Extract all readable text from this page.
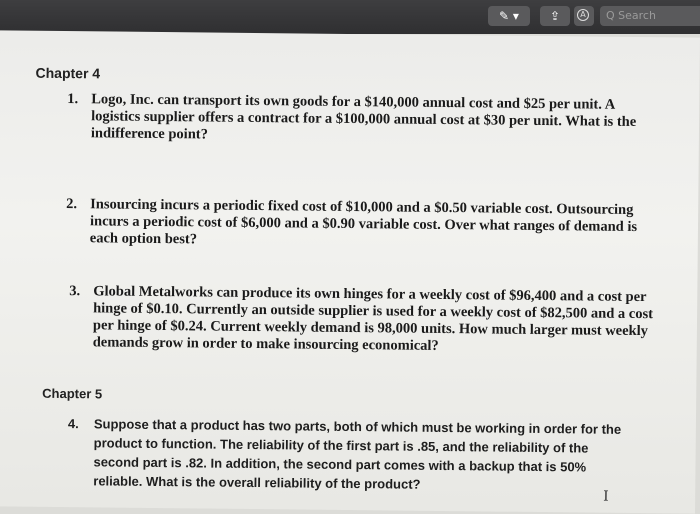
✎ ▾	⇪	A	Q Search
Chapter 4
1. Logo, Inc. can transport its own goods for a $140,000 annual cost and $25 per unit. A logistics supplier offers a contract for a $100,000 annual cost at $30 per unit. What is the indifference point?
2. Insourcing incurs a periodic fixed cost of $10,000 and a $0.50 variable cost. Outsourcing incurs a periodic cost of $6,000 and a $0.90 variable cost. Over what ranges of demand is each option best?
3. Global Metalworks can produce its own hinges for a weekly cost of $96,400 and a cost per hinge of $0.10. Currently an outside supplier is used for a weekly cost of $82,500 and a cost per hinge of $0.24. Current weekly demand is 98,000 units. How much larger must weekly demands grow in order to make insourcing economical?
Chapter 5
4. Suppose that a product has two parts, both of which must be working in order for the product to function. The reliability of the first part is .85, and the reliability of the second part is .82. In addition, the second part comes with a backup that is 50% reliable. What is the overall reliability of the product?
I
